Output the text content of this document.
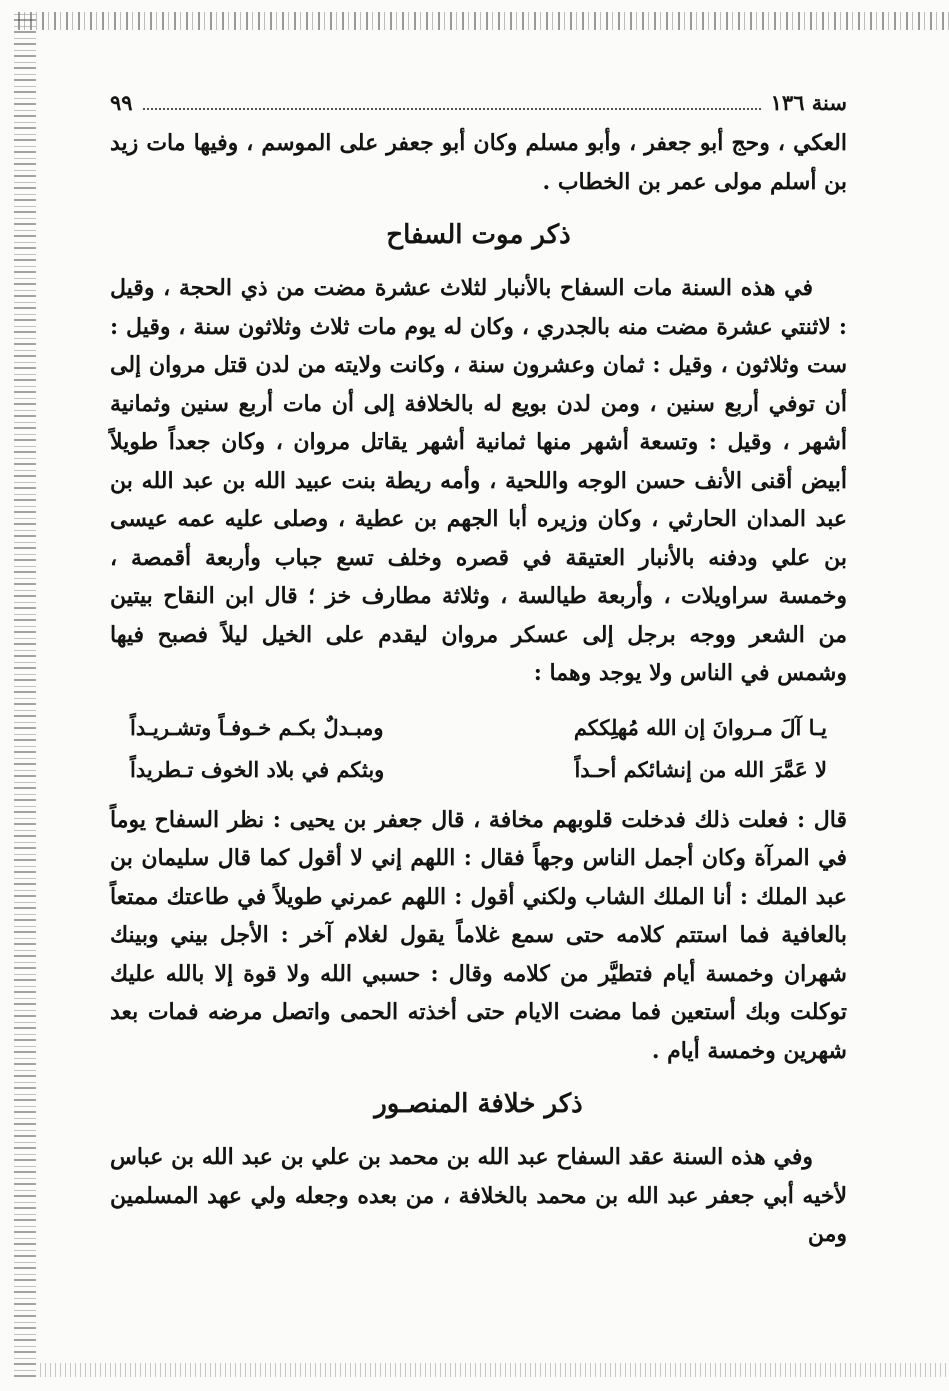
سنة ١٣٦
٩٩

العكي ، وحج أبو جعفر ، وأبو مسلم وكان أبو جعفر على الموسم ، وفيها مات زيد بن أسلم مولى عمر بن الخطاب .

ذكر موت السفاح

في هذه السنة مات السفاح بالأنبار لثلاث عشرة مضت من ذي الحجة ، وقيل : لاثنتي عشرة مضت منه بالجدري ، وكان له يوم مات ثلاث وثلاثون سنة ، وقيل : ست وثلاثون ، وقيل : ثمان وعشرون سنة ، وكانت ولايته من لدن قتل مروان إلى أن توفي أربع سنين ، ومن لدن بويع له بالخلافة إلى أن مات أربع سنين وثمانية أشهر ، وقيل : وتسعة أشهر منها ثمانية أشهر يقاتل مروان ، وكان جعداً طويلاً أبيض أقنى الأنف حسن الوجه واللحية ، وأمه ريطة بنت عبيد الله بن عبد الله بن عبد المدان الحارثي ، وكان وزيره أبا الجهم بن عطية ، وصلى عليه عمه عيسى بن علي ودفنه بالأنبار العتيقة في قصره وخلف تسع جباب وأربعة أقمصة ، وخمسة سراويلات ، وأربعة طيالسة ، وثلاثة مطارف خز ؛ قال ابن النقاح بيتين من الشعر ووجه برجل إلى عسكر مروان ليقدم على الخيل ليلاً فصبح فيها وشمس في الناس ولا يوجد وهما :

يـا آلَ مـروانَ إن الله مُهلِككم
ومبـدلٌ بكـم خـوفـاً وتشـريـداً
لا عَمَّرَ الله من إنشائكم أحـداً
وبثكم في بلاد الخوف تـطريداً

قال : فعلت ذلك فدخلت قلوبهم مخافة ، قال جعفر بن يحيى : نظر السفاح يوماً في المرآة وكان أجمل الناس وجهاً فقال : اللهم إني لا أقول كما قال سليمان بن عبد الملك : أنا الملك الشاب ولكني أقول : اللهم عمرني طويلاً في طاعتك ممتعاً بالعافية فما استتم كلامه حتى سمع غلاماً يقول لغلام آخر : الأجل بيني وبينك شهران وخمسة أيام فتطيَّر من كلامه وقال : حسبي الله ولا قوة إلا بالله عليك توكلت وبك أستعين فما مضت الايام حتى أخذته الحمى واتصل مرضه فمات بعد شهرين وخمسة أيام .

ذكر خلافة المنصـور

وفي هذه السنة عقد السفاح عبد الله بن محمد بن علي بن عبد الله بن عباس لأخيه أبي جعفر عبد الله بن محمد بالخلافة ، من بعده وجعله ولي عهد المسلمين ومن
